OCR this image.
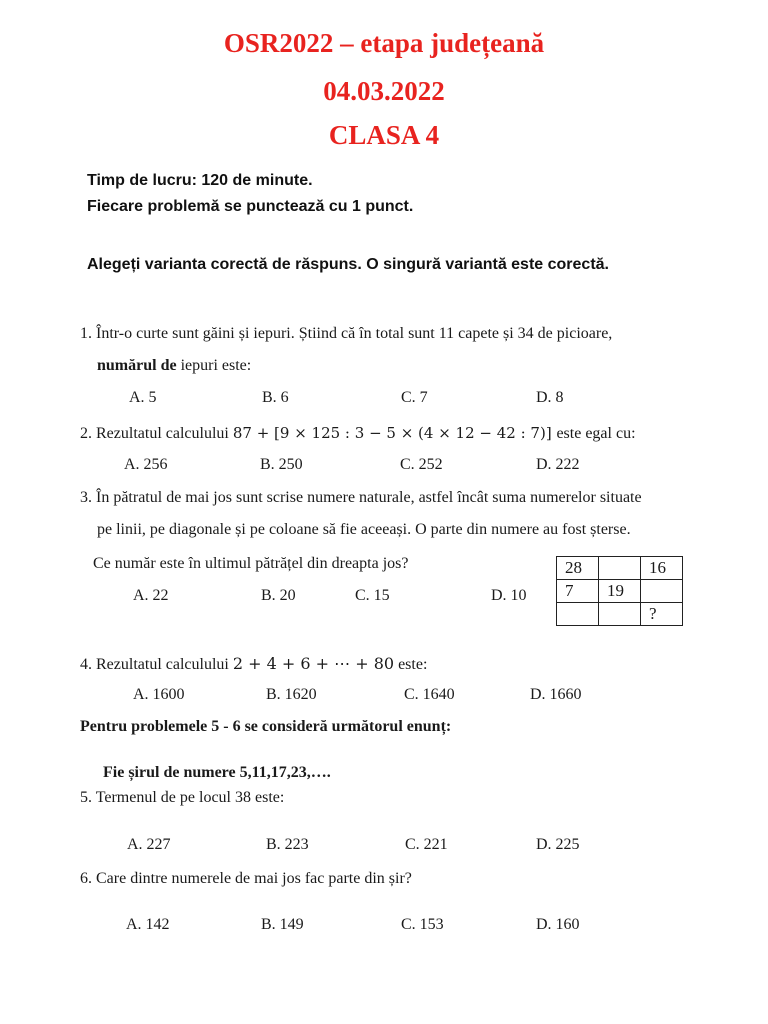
OSR2022 – etapa județeană
04.03.2022
CLASA 4
Timp de lucru: 120 de minute.
Fiecare problemă se punctează cu 1 punct.
Alegeți varianta corectă de răspuns. O singură variantă este corectă.
1. Într-o curte sunt găini și iepuri. Știind că în total sunt 11 capete și 34 de picioare,
numărul de iepuri este:
A. 5	B. 6	C. 7	D. 8
2. Rezultatul calculului 87 + [9 × 125 : 3 − 5 × (4 × 12 − 42 : 7)] este egal cu:
A. 256	B. 250	C. 252	D. 222
3. În pătratul de mai jos sunt scrise numere naturale, astfel încât suma numerelor situate
pe linii, pe diagonale și pe coloane să fie aceeași. O parte din numere au fost șterse.
Ce număr este în ultimul pătrățel din dreapta jos?
A. 22	B. 20	C. 15	D. 10
28		16
7	19	
		?
4. Rezultatul calculului 2 + 4 + 6 + ⋯ + 80 este:
A. 1600	B. 1620	C. 1640	D. 1660
Pentru problemele 5 - 6 se consideră următorul enunț:
Fie șirul de numere 5,11,17,23,….
5. Termenul de pe locul 38 este:
A. 227	B. 223	C. 221	D. 225
6. Care dintre numerele de mai jos fac parte din șir?
A. 142	B. 149	C. 153	D. 160
